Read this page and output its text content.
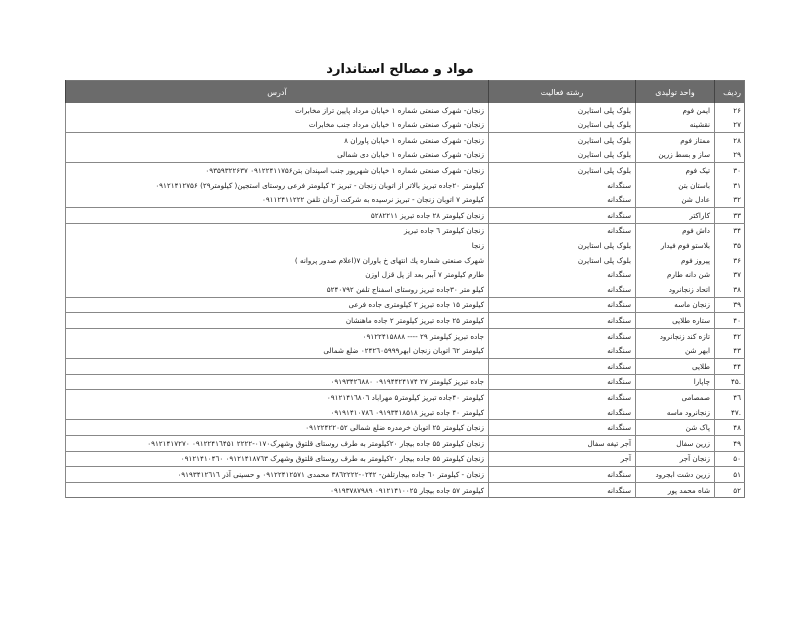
مواد و مصالح استاندارد
ردیف	واحد تولیدی	رشته فعالیت	آدرس
۲۶	ایمن فوم	بلوک پلی استایرن	زنجان- شهرک صنعتی شماره ۱ خیابان مرداد پایین تراز مخابرات
۲۷	نقشینه	بلوک پلی استایرن	زنجان- شهرک صنعتی شماره ۱ خیابان مرداد جنب مخابرات
۲۸	ممتاز فوم	بلوک پلی استایرن	زنجان- شهرک صنعتی شماره ۱ خیابان پاوران ۸
۲۹	ساز و بسط زرین	بلوک پلی استایرن	زنجان- شهرک صنعتی شماره ۱ خیابان دی شمالی
۳۰	تیک فوم	بلوک پلی استایرن	زنجان- شهرک صنعتی شماره ۱ خیابان شهریور جنب اسپندان بتن۰۹۱۲۲۴۱۱۷۵۶ ۰۹۳۵۹۳۲۲۶۳۷
۳۱	باستان بتن	سنگدانه	کیلومتر ۲۰جاده تبریز بالاتر از اتوبان زنجان - تبریز ۲ کیلومتر فرعی روستای استجین( کیلومتر۲۹) ۰۹۱۲۱۴۱۲۷۵۶
۳۲	عادل شن	سنگدانه	کیلومتر ۷ اتوبان زنجان - تبریز نرسیده به شرکت آردان تلفن ۰۹۱۱۲۴۱۱۲۲۲
۳۳	کاراکتر	سنگدانه	زنجان کیلومتر ۲۸ جاده تبریز ۵۲۸۲۲۱۱
۳۴	داش فوم	سنگدانه	زنجان کیلومتر ٦ جاده تبریز
۳۵	بلاستو فوم فیدار	بلوک پلی استایرن	زنجا
۳۶	پیروز فوم	بلوک پلی استایرن	شهرک صنعتی شماره یك انتهای خ باوران ۷(اعلام صدور پروانه )
۳۷	شن دانه طارم	سنگدانه	طارم کیلومتر ۷ آببر بعد از پل قزل اوزن
۳۸	اتحاد زنجانرود	سنگدانه	کیلو متر ۳۰جاده تبریز روستای اسفناج تلفن ۵۲۴۰۷۹۲
۳۹	زنجان ماسه	سنگدانه	کیلومتر ۱۵ جاده تبریز ۲ کیلومتری جاده فرعی
۴۰	ستاره طلایی	سنگدانه	کیلومتر ۲۵ جاده تبریز کیلومتر ۲ جاده ماهنشان
۴۲	تازه کند زنجانرود	سنگدانه	جاده تبریز کیلومتر ۲۹ ---- ۰۹۱۲۲۴۱۵۸۸۸
۴۳	ابهر شن	سنگدانه	کیلومتر ٦۲ اتوبان زنجان ابهر۰۲۴۲٦۰۵۹۹۹ ضلع شمالی
۴۴	طلایی	سنگدانه	
.۴۵	چاپارا	سنگدانه	جاده تبریز کیلومتر ۲۷ ۰۹۱۹۴۴۲۴۱۷۴ ۰۹۱۹۳۴۲٦۸۸۰
۴٦	صمصامی	سنگدانه	کیلومتر ۴۰جاده تبریز کیلومتر۵ مهراباد ۰۹۱۲۱۴۱٦۸۰٦
.۴۷	زنجانرود ماسه	سنگدانه	کیلومتر ۴۰ جاده تبریز ۰۹۱۹۳۴۱۸۵۱۸ ۰۹۱۹۱۴۱۰۷۸٦
۴۸	پاک شن	سنگدانه	زنجان کیلومتر ۲۵ اتوبان خرمدره ضلع شمالی ۰۹۱۲۲۴۲۲۰۵۲
۴۹	زرین سفال	آجر تیغه سفال	زنجان کیلومتر ۵۵ جاده بیجار ۲۰کیلومتر به طرف روستای قلتوق وشهرک۰۱۷۰-۲۲۲۲ ۰۹۱۲۲۴۱٦۴۵۱ ۰۹۱۲۱۴۱۷۲۷۰
۵۰	زنجان آجر	آجر	زنجان کیلومتر ۵۵ جاده بیجار ۲۰کیلومتر به طرف روستای قلتوق وشهرک ۰۹۱۲۱۴۱۸۷٦۳ ۰۹۱۲۱۴۱۰۴٦۰
۵۱	زرین دشت ابجرود	سنگدانه	زنجان - کیلومتر ٦۰ جاده بیجارتلفن- ۰۲۴۲-۳۸٦۲۲۲۲ محمدی ۰۹۱۲۲۴۱۲۵۷۱ و حسینی آذر ۰۹۱۹۳۴۱۲٦۱٦
۵۲	شاه محمد پور	سنگدانه	کیلومتر ۵۷ جاده بیجار ۰۹۱۲۱۴۱۰۰۲۵ ۰۹۱۹۳۷۸۷۹۸۹
